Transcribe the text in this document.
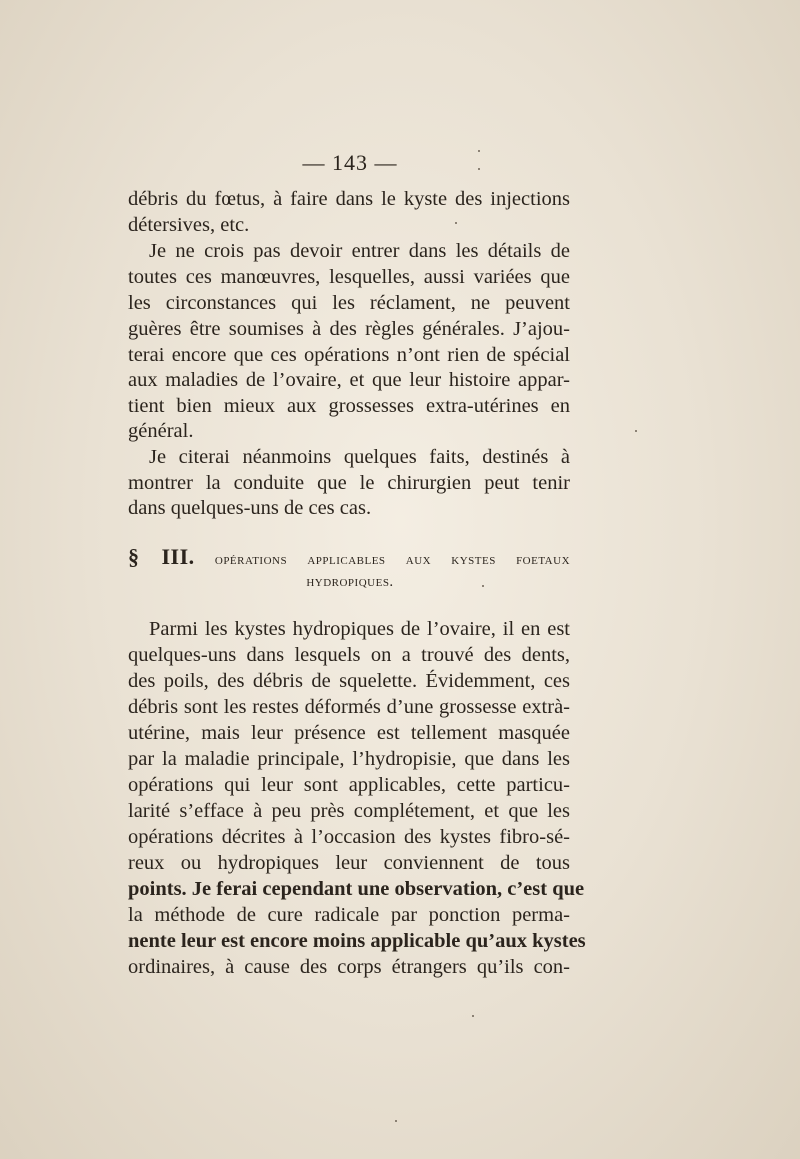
— 143 —
débris du fœtus, à faire dans le kyste des injections
détersives, etc.
Je ne crois pas devoir entrer dans les détails de
toutes ces manœuvres, lesquelles, aussi variées que
les circonstances qui les réclament, ne peuvent
guères être soumises à des règles générales. J’ajou-
terai encore que ces opérations n’ont rien de spécial
aux maladies de l’ovaire, et que leur histoire appar-
tient bien mieux aux grossesses extra-utérines en
général.
Je citerai néanmoins quelques faits, destinés à
montrer la conduite que le chirurgien peut tenir
dans quelques-uns de ces cas.
§ III. opérations applicables aux kystes foetaux
hydropiques.
Parmi les kystes hydropiques de l’ovaire, il en est
quelques-uns dans lesquels on a trouvé des dents,
des poils, des débris de squelette. Évidemment, ces
débris sont les restes déformés d’une grossesse extrà-
utérine, mais leur présence est tellement masquée
par la maladie principale, l’hydropisie, que dans les
opérations qui leur sont applicables, cette particu-
larité s’efface à peu près complétement, et que les
opérations décrites à l’occasion des kystes fibro-sé-
reux ou hydropiques leur conviennent de tous
points. Je ferai cependant une observation, c’est que
la méthode de cure radicale par ponction perma-
nente leur est encore moins applicable qu’aux kystes
ordinaires, à cause des corps étrangers qu’ils con-
